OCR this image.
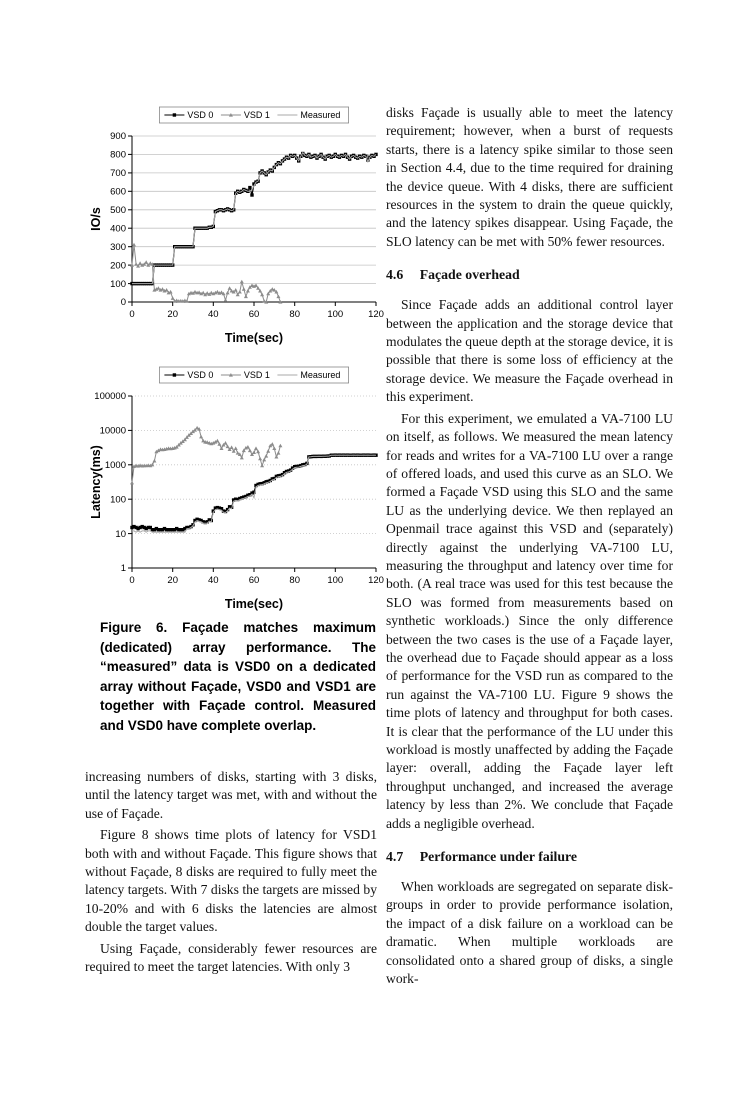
0
100
200
300
400
500
600
700
800
900
0	20	40	60	80	100	120
Time(sec)
IO/s
VSD 0	VSD 1	Measured
1
10
100
1000
10000
100000
0	20	40	60	80	100	120
Time(sec)
Latency(ms)
VSD 0	VSD 1	Measured
Figure 6. Façade matches maximum (dedicated) array performance. The “measured” data is VSD0 on a dedicated array without Façade, VSD0 and VSD1 are together with Façade control. Measured and VSD0 have complete overlap.

increasing numbers of disks, starting with 3 disks, until the latency target was met, with and without the use of Façade.

Figure 8 shows time plots of latency for VSD1 both with and without Façade. This figure shows that without Façade, 8 disks are required to fully meet the latency targets. With 7 disks the targets are missed by 10-20% and with 6 disks the latencies are almost double the target values.

Using Façade, considerably fewer resources are required to meet the target latencies. With only 3

disks Façade is usually able to meet the latency requirement; however, when a burst of requests starts, there is a latency spike similar to those seen in Section 4.4, due to the time required for draining the device queue. With 4 disks, there are sufficient resources in the system to drain the queue quickly, and the latency spikes disappear. Using Façade, the SLO latency can be met with 50% fewer resources.

4.6 Façade overhead

Since Façade adds an additional control layer between the application and the storage device that modulates the queue depth at the storage device, it is possible that there is some loss of efficiency at the storage device. We measure the Façade overhead in this experiment.

For this experiment, we emulated a VA-7100 LU on itself, as follows. We measured the mean latency for reads and writes for a VA-7100 LU over a range of offered loads, and used this curve as an SLO. We formed a Façade VSD using this SLO and the same LU as the underlying device. We then replayed an Openmail trace against this VSD and (separately) directly against the underlying VA-7100 LU, measuring the throughput and latency over time for both. (A real trace was used for this test because the SLO was formed from measurements based on synthetic workloads.) Since the only difference between the two cases is the use of a Façade layer, the overhead due to Façade should appear as a loss of performance for the VSD run as compared to the run against the VA-7100 LU. Figure 9 shows the time plots of latency and throughput for both cases. It is clear that the performance of the LU under this workload is mostly unaffected by adding the Façade layer: overall, adding the Façade layer left throughput unchanged, and increased the average latency by less than 2%. We conclude that Façade adds a negligible overhead.

4.7 Performance under failure

When workloads are segregated on separate disk-groups in order to provide performance isolation, the impact of a disk failure on a workload can be dramatic. When multiple workloads are consolidated onto a shared group of disks, a single work-
